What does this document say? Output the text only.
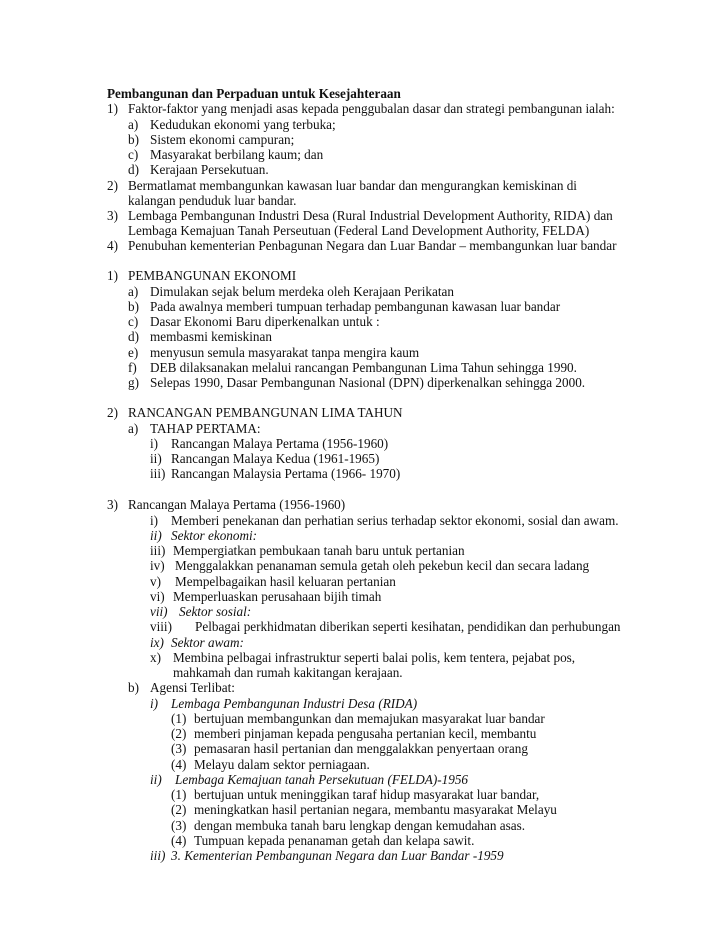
Pembangunan dan Perpaduan untuk Kesejahteraan
1) Faktor-faktor yang menjadi asas kepada penggubalan dasar dan strategi pembangunan ialah:
a) Kedudukan ekonomi yang terbuka;
b) Sistem ekonomi campuran;
c) Masyarakat berbilang kaum; dan
d) Kerajaan Persekutuan.
2) Bermatlamat membangunkan kawasan luar bandar dan mengurangkan kemiskinan di
kalangan penduduk luar bandar.
3) Lembaga Pembangunan Industri Desa (Rural Industrial Development Authority, RIDA) dan
Lembaga Kemajuan Tanah Perseutuan (Federal Land Development Authority, FELDA)
4) Penubuhan kementerian Penbagunan Negara dan Luar Bandar – membangunkan luar bandar
1) PEMBANGUNAN EKONOMI
a) Dimulakan sejak belum merdeka oleh Kerajaan Perikatan
b) Pada awalnya memberi tumpuan terhadap pembangunan kawasan luar bandar
c) Dasar Ekonomi Baru diperkenalkan untuk :
d) membasmi kemiskinan
e) menyusun semula masyarakat tanpa mengira kaum
f) DEB dilaksanakan melalui rancangan Pembangunan Lima Tahun sehingga 1990.
g) Selepas 1990, Dasar Pembangunan Nasional (DPN) diperkenalkan sehingga 2000.
2) RANCANGAN PEMBANGUNAN LIMA TAHUN
a) TAHAP PERTAMA:
i) Rancangan Malaya Pertama (1956-1960)
ii) Rancangan Malaya Kedua (1961-1965)
iii) Rancangan Malaysia Pertama (1966- 1970)
3) Rancangan Malaya Pertama (1956-1960)
i) Memberi penekanan dan perhatian serius terhadap sektor ekonomi, sosial dan awam.
ii) Sektor ekonomi:
iii) Mempergiatkan pembukaan tanah baru untuk pertanian
iv) Menggalakkan penanaman semula getah oleh pekebun kecil dan secara ladang
v) Mempelbagaikan hasil keluaran pertanian
vi) Memperluaskan perusahaan bijih timah
vii) Sektor sosial:
viii) Pelbagai perkhidmatan diberikan seperti kesihatan, pendidikan dan perhubungan
ix) Sektor awam:
x) Membina pelbagai infrastruktur seperti balai polis, kem tentera, pejabat pos,
mahkamah dan rumah kakitangan kerajaan.
b) Agensi Terlibat:
i) Lembaga Pembangunan Industri Desa (RIDA)
(1) bertujuan membangunkan dan memajukan masyarakat luar bandar
(2) memberi pinjaman kepada pengusaha pertanian kecil, membantu
(3) pemasaran hasil pertanian dan menggalakkan penyertaan orang
(4) Melayu dalam sektor perniagaan.
ii) Lembaga Kemajuan tanah Persekutuan (FELDA)-1956
(1) bertujuan untuk meninggikan taraf hidup masyarakat luar bandar,
(2) meningkatkan hasil pertanian negara, membantu masyarakat Melayu
(3) dengan membuka tanah baru lengkap dengan kemudahan asas.
(4) Tumpuan kepada penanaman getah dan kelapa sawit.
iii) 3. Kementerian Pembangunan Negara dan Luar Bandar -1959
